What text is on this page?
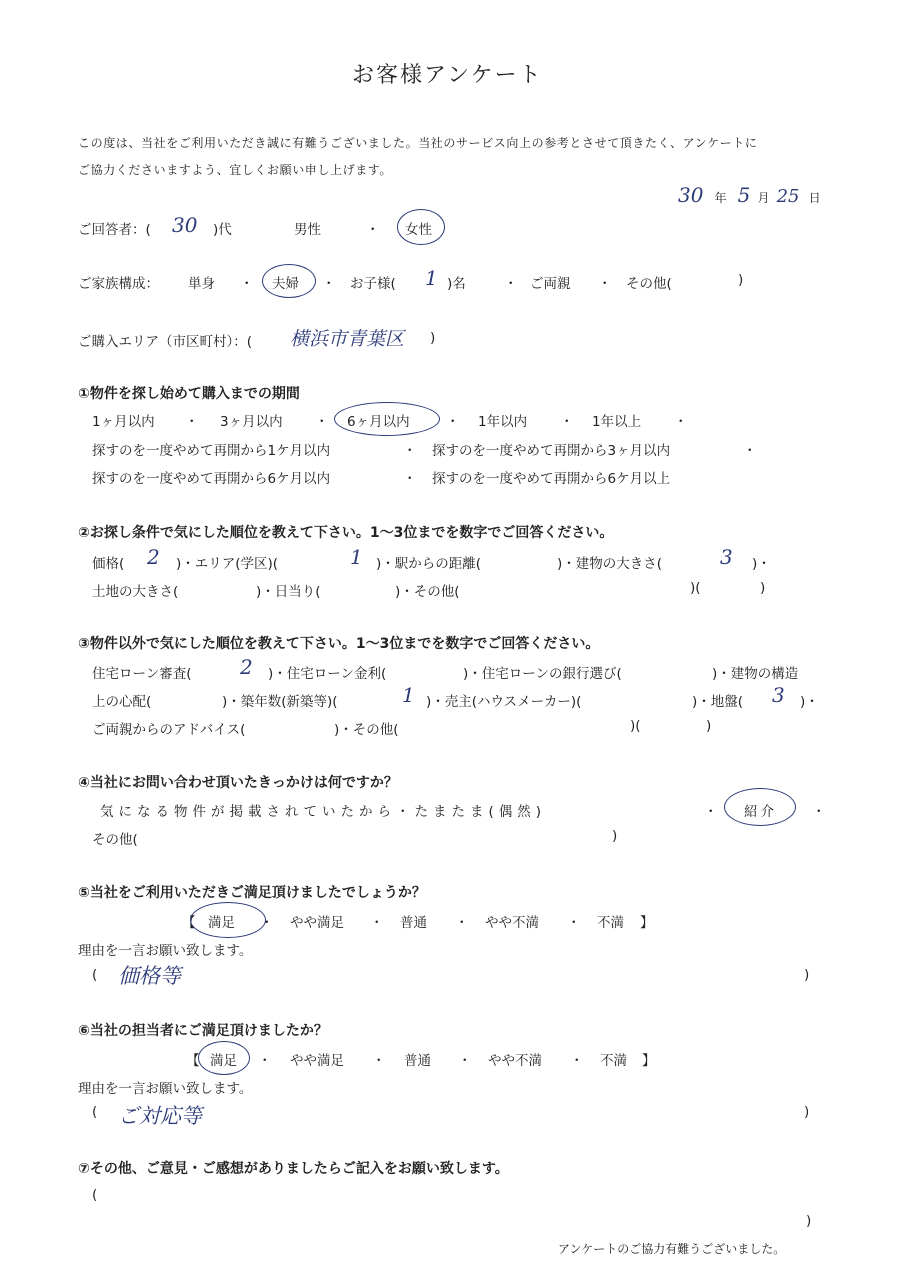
お客様アンケート
この度は、当社をご利用いただき誠に有難うございました。当社のサービス向上の参考とさせて頂きたく、アンケートに
ご協力くださいますよう、宜しくお願い申し上げます。
30 年 5 月 25 日
ご回答者：( 30 )代	男性	・ 女性
ご家族構成： 単身 ・ 夫婦 ・ お子様( 1 )名	・ ご両親 ・ その他(	)
ご購入エリア（市区町村）：( 横浜市青葉区 )
①物件を探し始めて購入までの期間
1ヶ月以内 ・ 3ヶ月以内 ・ 6ヶ月以内	・ 1年以内 ・ 1年以上 ・
探すのを一度やめて再開から1ケ月以内	・ 探すのを一度やめて再開から3ヶ月以内	・
探すのを一度やめて再開から6ケ月以内	・ 探すのを一度やめて再開から6ケ月以上
②お探し条件で気にした順位を教えて下さい。1～3位までを数字でご回答ください。
価格( 2 )・エリア(学区)(	1 )・駅からの距離(	)・建物の大きさ(	3 )・
土地の大きさ(	)・日当り(	)・その他(	)(	)
③物件以外で気にした順位を教えて下さい。1～3位までを数字でご回答ください。
住宅ローン審査( 2 )・住宅ローン金利(	)・住宅ローンの銀行選び(	)・建物の構造
上の心配(	)・築年数(新築等)(	1 )・売主(ハウスメーカー)(	)・地盤( 3 )・
ご両親からのアドバイス(	)・その他(	)(	)
④当社にお問い合わせ頂いたきっかけは何ですか？
気になる物件が掲載されていたから・たまたま(偶然)	・ 紹介	・
その他(	)
⑤当社をご利用いただきご満足頂けましたでしょうか？
【 満足 ・ やや満足 ・ 普通 ・ やや不満 ・ 不満 】
理由を一言お願い致します。
( 価格等	)
⑥当社の担当者にご満足頂けましたか？
【 満足 ・ やや満足 ・ 普通 ・ やや不満 ・ 不満 】
理由を一言お願い致します。
( ご対応等	)
⑦その他、ご意見・ご感想がありましたらご記入をお願い致します。
(
)
アンケートのご協力有難うございました。
